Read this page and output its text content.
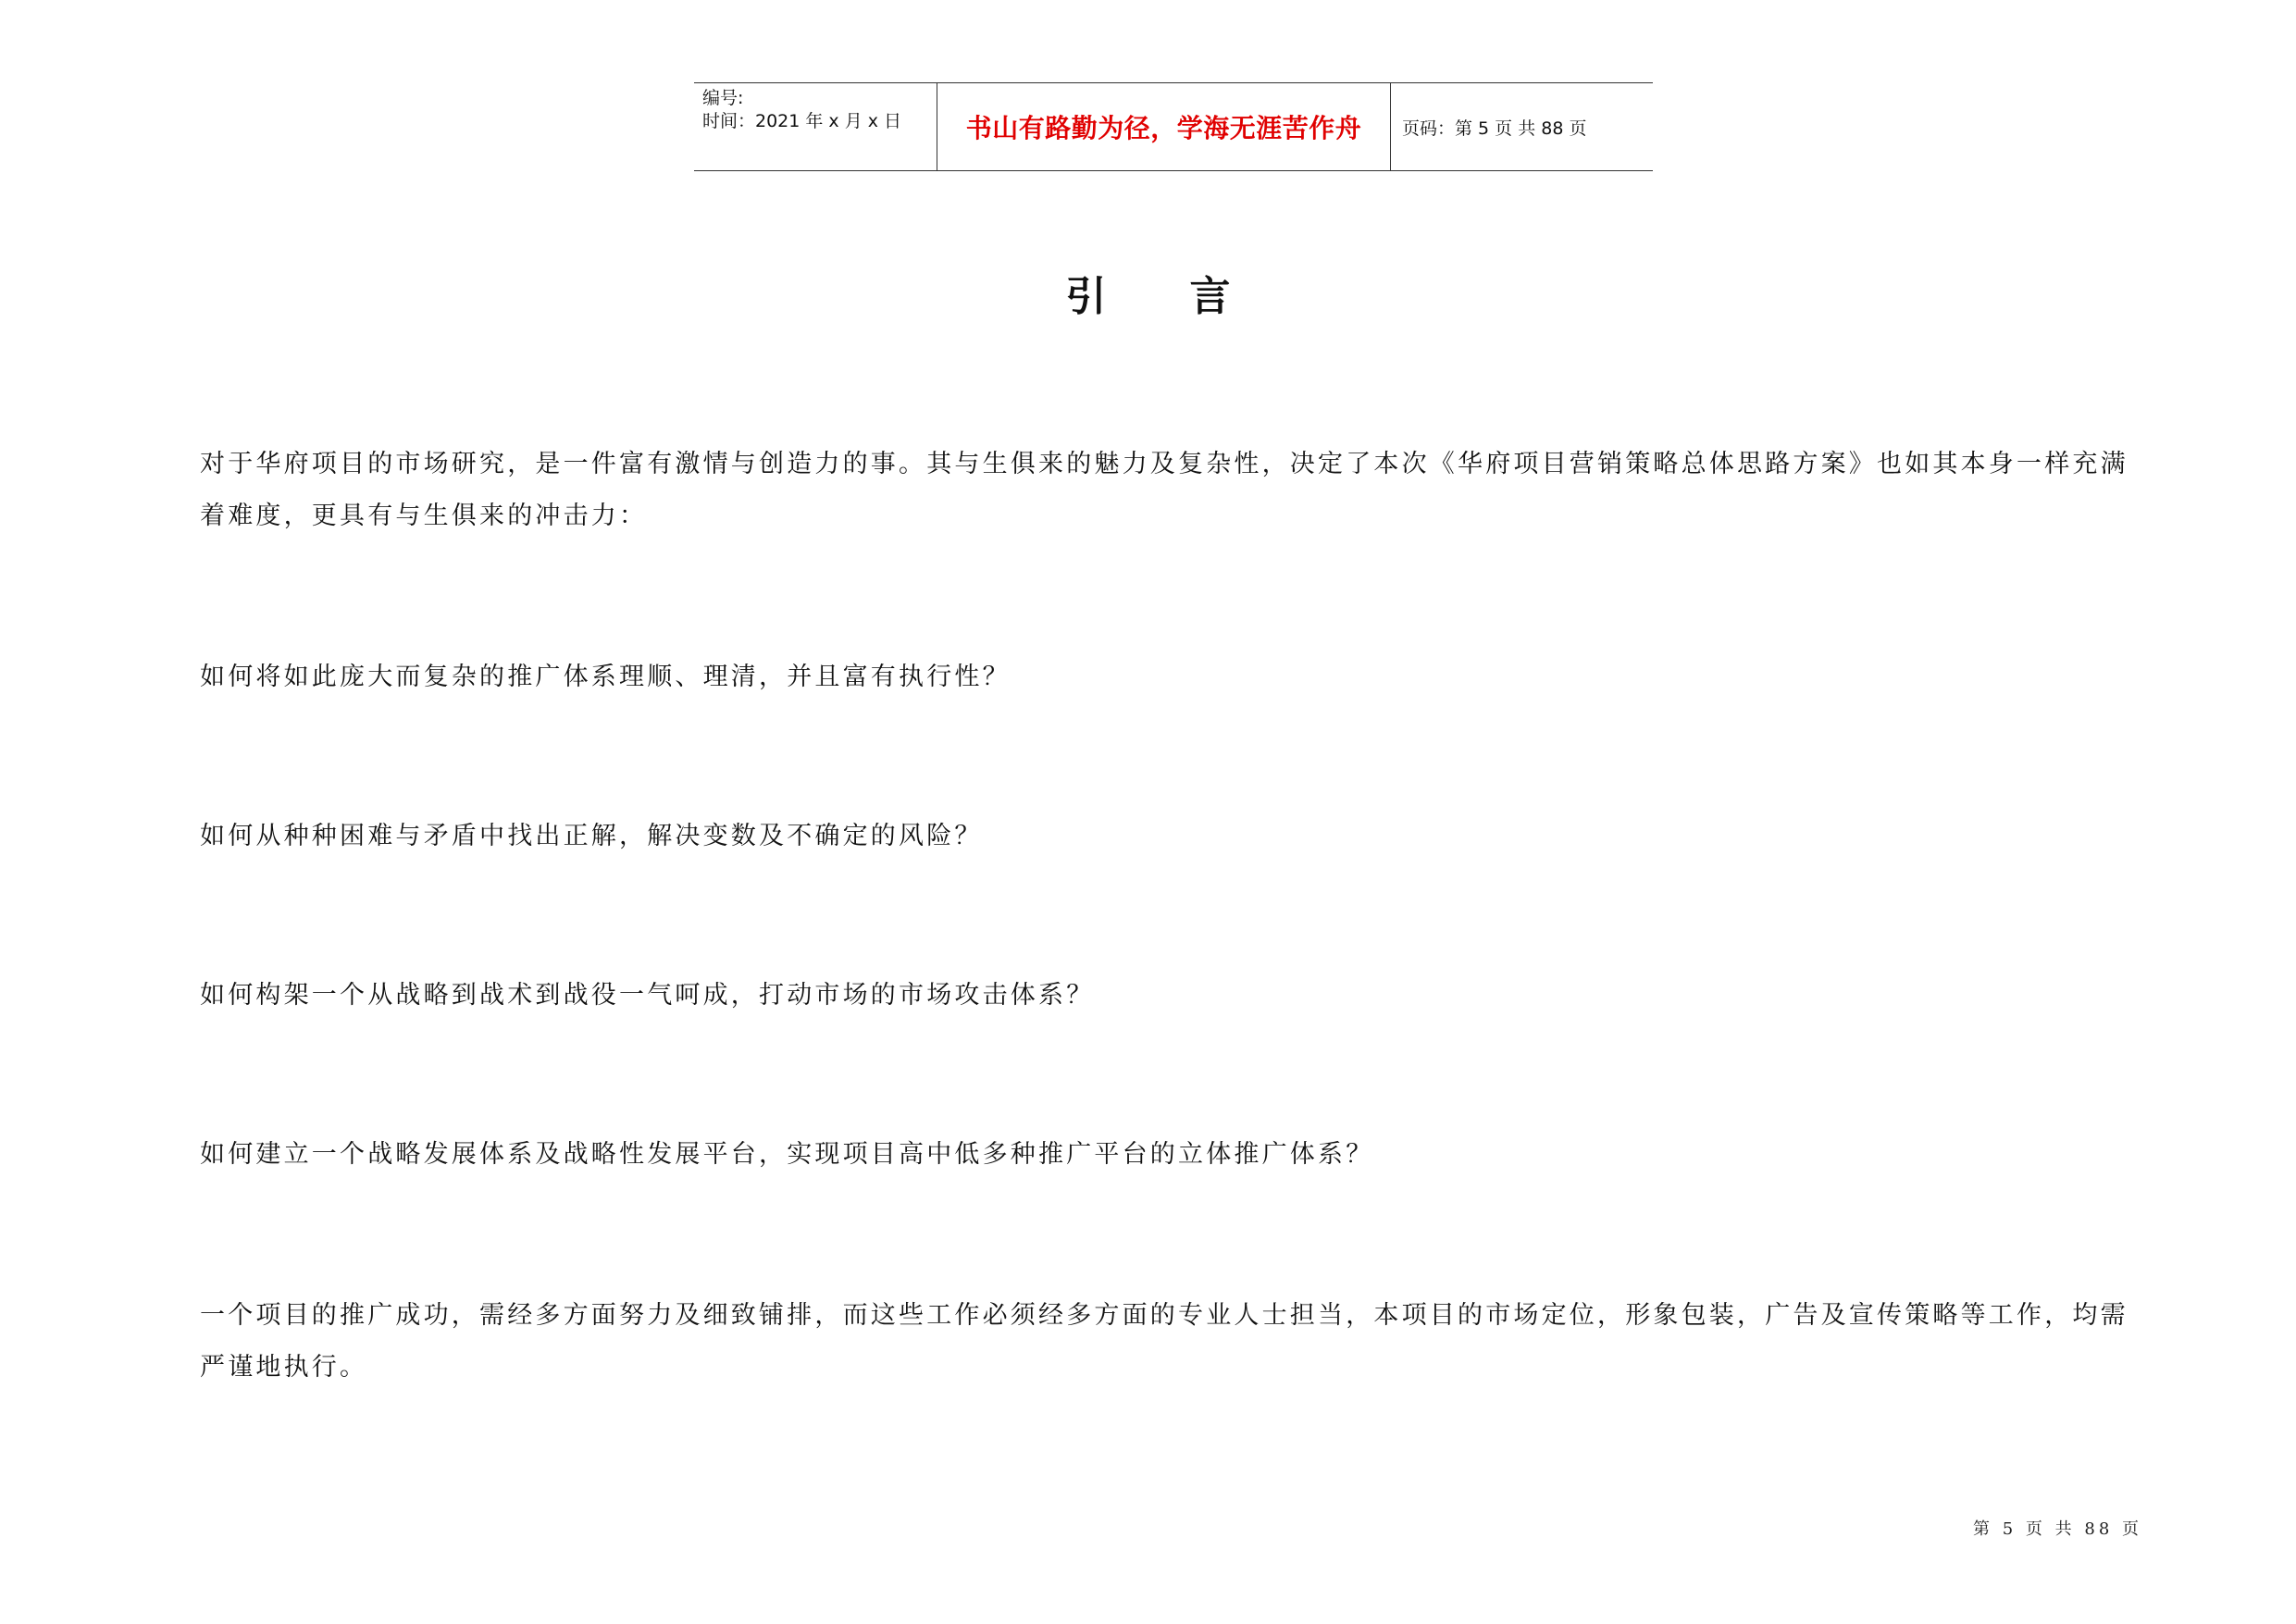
编号:
时间：2021 年 x 月 x 日	书山有路勤为径，学海无涯苦作舟 页码：第 5 页 共 88 页
引言

对于华府项目的市场研究，是一件富有激情与创造力的事。其与生俱来的魅力及复杂性，决定了本次《华府项目营销策略总体思路方案》也如其本身一样充满着难度，更具有与生俱来的冲击力：

如何将如此庞大而复杂的推广体系理顺、理清，并且富有执行性？

如何从种种困难与矛盾中找出正解，解决变数及不确定的风险？

如何构架一个从战略到战术到战役一气呵成，打动市场的市场攻击体系？

如何建立一个战略发展体系及战略性发展平台，实现项目高中低多种推广平台的立体推广体系？

一个项目的推广成功，需经多方面努力及细致铺排，而这些工作必须经多方面的专业人士担当，本项目的市场定位，形象包装，广告及宣传策略等工作，均需严谨地执行。

第 5 页 共 88 页
